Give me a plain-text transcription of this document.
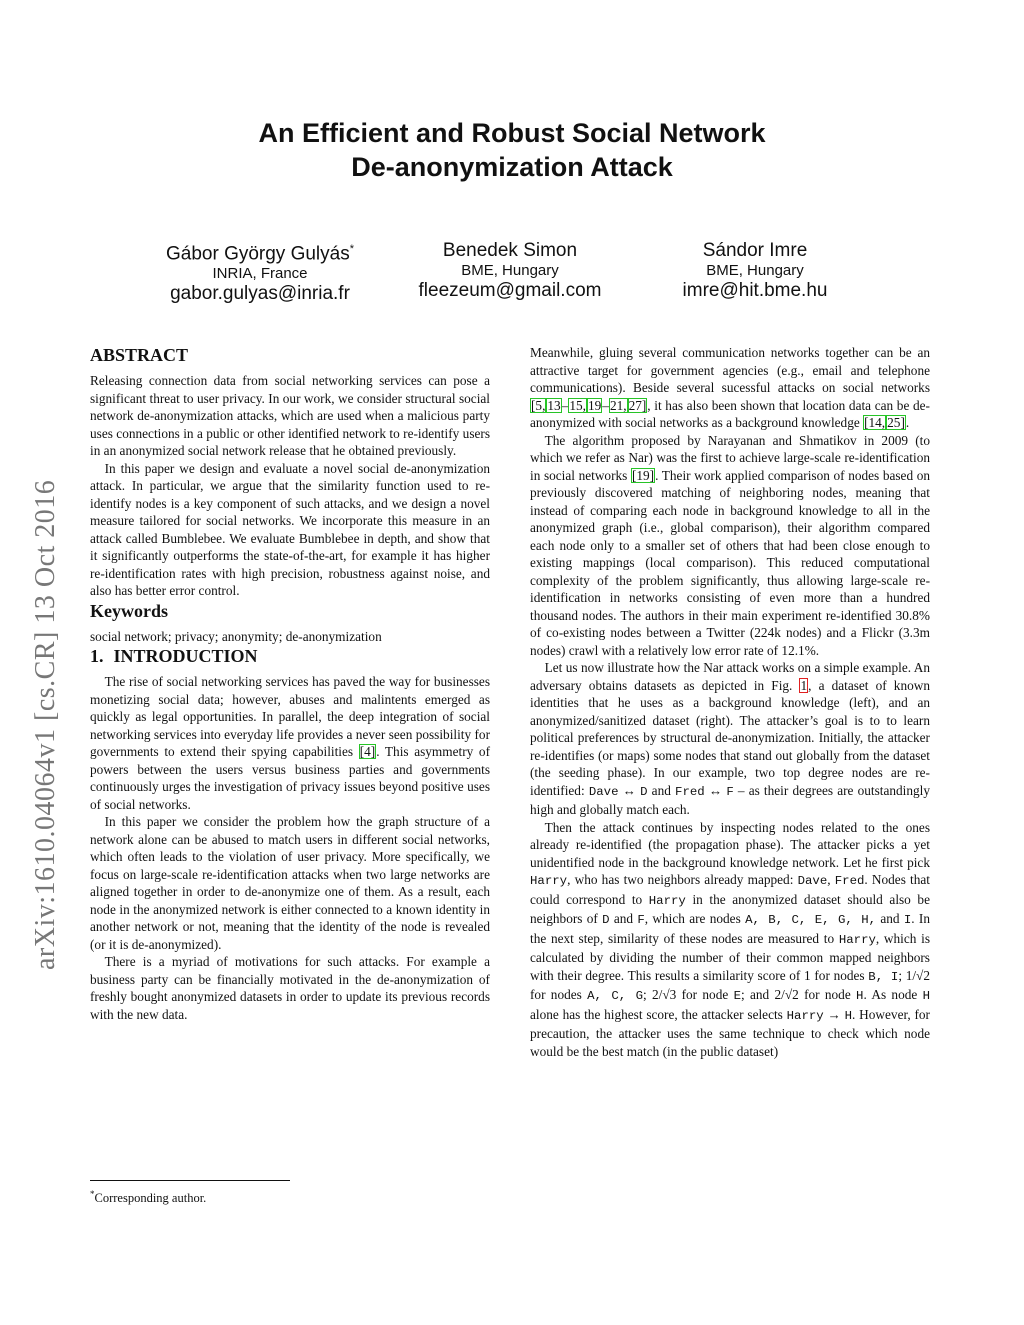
An Efficient and Robust Social Network
De-anonymization Attack
Gábor György Gulyás*
INRIA, France
gabor.gulyas@inria.fr
Benedek Simon
BME, Hungary
fleezeum@gmail.com
Sándor Imre
BME, Hungary
imre@hit.bme.hu
arXiv:1610.04064v1 [cs.CR] 13 Oct 2016
ABSTRACT

Releasing connection data from social networking services can pose a significant threat to user privacy. In our work, we consider structural social network de-anonymization attacks, which are used when a malicious party uses connections in a public or other identified network to re-identify users in an anonymized social network release that he obtained previously.

In this paper we design and evaluate a novel social de-anonymization attack. In particular, we argue that the similarity function used to re-identify nodes is a key component of such attacks, and we design a novel measure tailored for social networks. We incorporate this measure in an attack called Bumblebee. We evaluate Bumblebee in depth, and show that it significantly outperforms the state-of-the-art, for example it has higher re-identification rates with high precision, robustness against noise, and also has better error control.

Keywords

social network; privacy; anonymity; de-anonymization

1. INTRODUCTION

The rise of social networking services has paved the way for businesses monetizing social data; however, abuses and malintents emerged as quickly as legal opportunities. In parallel, the deep integration of social networking services into everyday life provides a never seen possibility for governments to extend their spying capabilities [4]. This asymmetry of powers between the users versus business parties and governments continuously urges the investigation of privacy issues beyond positive uses of social networks.

In this paper we consider the problem how the graph structure of a network alone can be abused to match users in different social networks, which often leads to the violation of user privacy. More specifically, we focus on large-scale re-identification attacks when two large networks are aligned together in order to de-anonymize one of them. As a result, each node in the anonymized network is either connected to a known identity in another network or not, meaning that the identity of the node is revealed (or it is de-anonymized).

There is a myriad of motivations for such attacks. For example a business party can be financially motivated in the de-anonymization of freshly bought anonymized datasets in order to update its previous records with the new data.

*Corresponding author.

Meanwhile, gluing several communication networks together can be an attractive target for government agencies (e.g., email and telephone communications). Beside several sucessful attacks on social networks [5, 13–15, 19–21, 27], it has also been shown that location data can be de-anonymized with social networks as a background knowledge [14, 25].

The algorithm proposed by Narayanan and Shmatikov in 2009 (to which we refer as Nar) was the first to achieve large-scale re-identification in social networks [19]. Their work applied comparison of nodes based on previously discovered matching of neighboring nodes, meaning that instead of comparing each node in background knowledge to all in the anonymized graph (i.e., global comparison), their algorithm compared each node only to a smaller set of others that had been close enough to existing mappings (local comparison). This reduced computational complexity of the problem significantly, thus allowing large-scale re-identification in networks consisting of even more than a hundred thousand nodes. The authors in their main experiment re-identified 30.8% of co-existing nodes between a Twitter (224k nodes) and a Flickr (3.3m nodes) crawl with a relatively low error rate of 12.1%.

Let us now illustrate how the Nar attack works on a simple example. An adversary obtains datasets as depicted in Fig. 1, a dataset of known identities that he uses as a background knowledge (left), and an anonymized/sanitized dataset (right). The attacker’s goal is to to learn political preferences by structural de-anonymization. Initially, the attacker re-identifies (or maps) some nodes that stand out globally from the dataset (the seeding phase). In our example, two top degree nodes are re-identified: Dave ↔ D and Fred ↔ F – as their degrees are outstandingly high and globally match each.

Then the attack continues by inspecting nodes related to the ones already re-identified (the propagation phase). The attacker picks a yet unidentified node in the background knowledge network. Let he first pick Harry, who has two neighbors already mapped: Dave, Fred. Nodes that could correspond to Harry in the anonymized dataset should also be neighbors of D and F, which are nodes A, B, C, E, G, H, and I. In the next step, similarity of these nodes are measured to Harry, which is calculated by dividing the number of their common mapped neighbors with their degree. This results a similarity score of 1 for nodes B, I; 1/√2 for nodes A, C, G; 2/√3 for node E; and 2/√2 for node H. As node H alone has the highest score, the attacker selects Harry → H. However, for precaution, the attacker uses the same technique to check which node would be the best match (in the public dataset)
